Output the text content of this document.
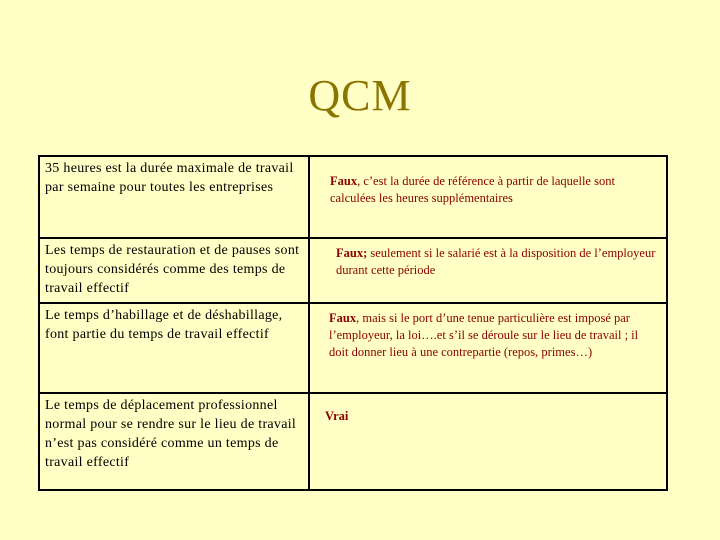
QCM
35 heures est la durée maximale de travail par semaine pour toutes les entreprises	Faux, c’est la durée de référence à partir de laquelle sont calculées les heures supplémentaires
Les temps de restauration et de pauses sont toujours considérés comme des temps de travail effectif	Faux; seulement si le salarié est à la disposition de l’employeur durant cette période
Le temps d’habillage et de déshabillage, font partie du temps de travail effectif	Faux, mais si le port d’une tenue particulière est imposé par l’employeur, la loi….et s’il se déroule sur le lieu de travail ; il doit donner lieu à une contrepartie (repos, primes…)
Le temps de déplacement professionnel normal pour se rendre sur le lieu de travail n’est pas considéré comme un temps de travail effectif	Vrai
